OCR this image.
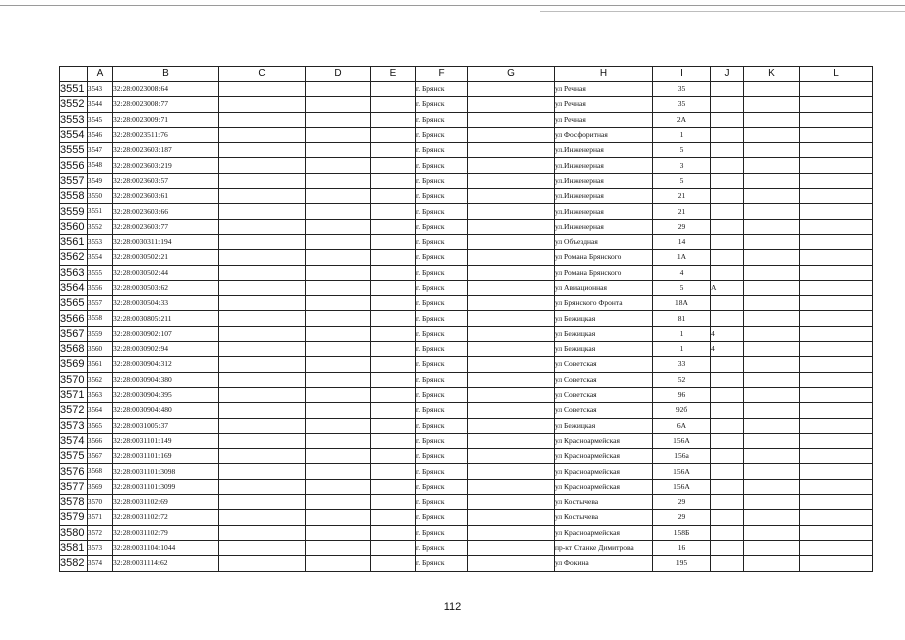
	A	B	C	D	E	F	G	H	I	J	K	L
3551	3543	32:28:0023008:64				г. Брянск		ул Речная	35			
3552	3544	32:28:0023008:77				г. Брянск		ул Речная	35			
3553	3545	32:28:0023009:71				г. Брянск		ул Речная	2А			
3554	3546	32:28:0023511:76				г. Брянск		ул Фосфоритная	1			
3555	3547	32:28:0023603:187				г. Брянск		ул.Инженерная	5			
3556	3548	32:28:0023603:219				г. Брянск		ул.Инженерная	3			
3557	3549	32:28:0023603:57				г. Брянск		ул.Инженерная	5			
3558	3550	32:28:0023603:61				г. Брянск		ул.Инженерная	21			
3559	3551	32:28:0023603:66				г. Брянск		ул.Инженерная	21			
3560	3552	32:28:0023603:77				г. Брянск		ул.Инженерная	29			
3561	3553	32:28:0030311:194				г. Брянск		ул Объездная	14			
3562	3554	32:28:0030502:21				г. Брянск		ул Романа Брянского	1А			
3563	3555	32:28:0030502:44				г. Брянск		ул Романа Брянского	4			
3564	3556	32:28:0030503:62				г. Брянск		ул Авиационная	5	А		
3565	3557	32:28:0030504:33				г. Брянск		ул Брянского Фронта	18А			
3566	3558	32:28:0030805:211				г. Брянск		ул Бежицкая	81			
3567	3559	32:28:0030902:107				г. Брянск		ул Бежицкая	1	4		
3568	3560	32:28:0030902:94				г. Брянск		ул Бежицкая	1	4		
3569	3561	32:28:0030904:312				г. Брянск		ул Советская	33			
3570	3562	32:28:0030904:380				г. Брянск		ул Советская	52			
3571	3563	32:28:0030904:395				г. Брянск		ул Советская	96			
3572	3564	32:28:0030904:480				г. Брянск		ул Советская	92б			
3573	3565	32:28:0031005:37				г. Брянск		ул Бежицкая	6А			
3574	3566	32:28:0031101:149				г. Брянск		ул Красноармейская	156А			
3575	3567	32:28:0031101:169				г. Брянск		ул Красноармейская	156а			
3576	3568	32:28:0031101:3098				г. Брянск		ул Красноармейская	156А			
3577	3569	32:28:0031101:3099				г. Брянск		ул Красноармейская	156А			
3578	3570	32:28:0031102:69				г. Брянск		ул Костычева	29			
3579	3571	32:28:0031102:72				г. Брянск		ул Костычева	29			
3580	3572	32:28:0031102:79				г. Брянск		ул Красноармейская	158Б			
3581	3573	32:28:0031104:1044				г. Брянск		пр-кт Станке Димитрова	16			
3582	3574	32:28:0031114:62				г. Брянск		ул Фокина	195			
112
